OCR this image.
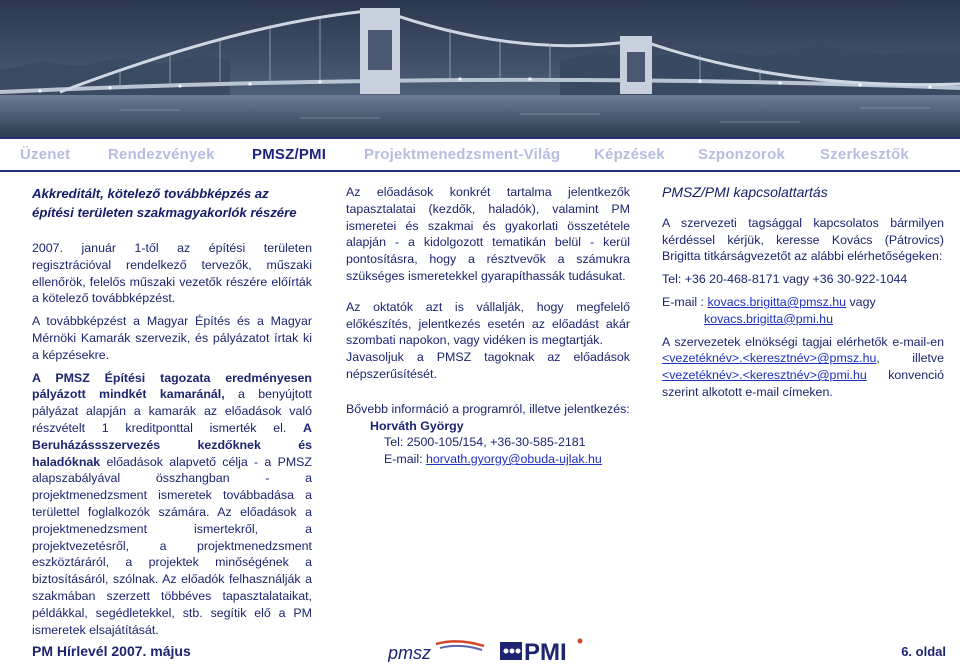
Üzenet	Rendezvények PMSZ/PMI	Projektmenedzsment-Világ Képzések Szponzorok Szerkesztők
Akkreditált, kötelező továbbképzés az építési területen szakmagyakorlók részére

2007. január 1-től az építési területen regisztrációval rendelkező tervezők, műszaki ellenőrök, felelős műszaki vezetők részére előírták a kötelező továbbképzést.

A továbbképzést a Magyar Építés és a Magyar Mérnöki Kamarák szervezik, és pályázatot írtak ki a képzésekre.

A PMSZ Építési tagozata eredményesen pályázott mindkét kamaránál, a benyújtott pályázat alapján a kamarák az előadások való részvételt 1 kreditponttal ismerték el. A Beruházássszervezés kezdőknek és haladóknak előadások alapvető célja - a PMSZ alapszabályával összhangban - a projektmenedzsment ismeretek továbbadása a területtel foglalkozók számára. Az előadások a projektmenedzsment ismertekről, a projektvezetésről, a projektmenedzsment eszköztáráról, a projektek minőségének a biztosításáról, szólnak. Az előadók felhasználják a szakmában szerzett többéves tapasztalataikat, példákkal, segédletekkel, stb. segítik elő a PM ismeretek elsajátítását.

Az előadások konkrét tartalma jelentkezők tapasztalatai (kezdők, haladók), valamint PM ismeretei és szakmai és gyakorlati összetétele alapján - a kidolgozott tematikán belül - kerül pontosításra, hogy a résztvevők a számukra szükséges ismeretekkel gyarapíthassák tudásukat.

Az oktatók azt is vállalják, hogy megfelelő előkészítés, jelentkezés esetén az előadást akár szombati napokon, vagy vidéken is megtartják.

Javasoljuk a PMSZ tagoknak az előadások népszerűsítését.

Bővebb információ a programról, illetve jelentkezés:

Horváth György
Tel: 2500-105/154, +36-30-585-2181
E-mail: horvath.gyorgy@obuda-ujlak.hu
PMSZ/PMI kapcsolattartás

A szervezeti tagsággal kapcsolatos bármilyen kérdéssel kérjük, keresse Kovács (Pátrovics) Brigitta titkárságvezetőt az alábbi elérhetőségeken:

Tel: +36 20-468-8171 vagy +36 30-922-1044
E-mail : kovacs.brigitta@pmsz.hu vagy
kovacs.brigitta@pmi.hu

A szervezetek elnökségi tagjai elérhetők e-mail-en <vezetéknév>.<keresztnév>@pmsz.hu, illetve <vezetéknév>.<keresztnév>@pmi.hu konvenció szerint alkotott e-mail címeken.

PM Hírlevél 2007. május	pmsz	PMI	6. oldal
